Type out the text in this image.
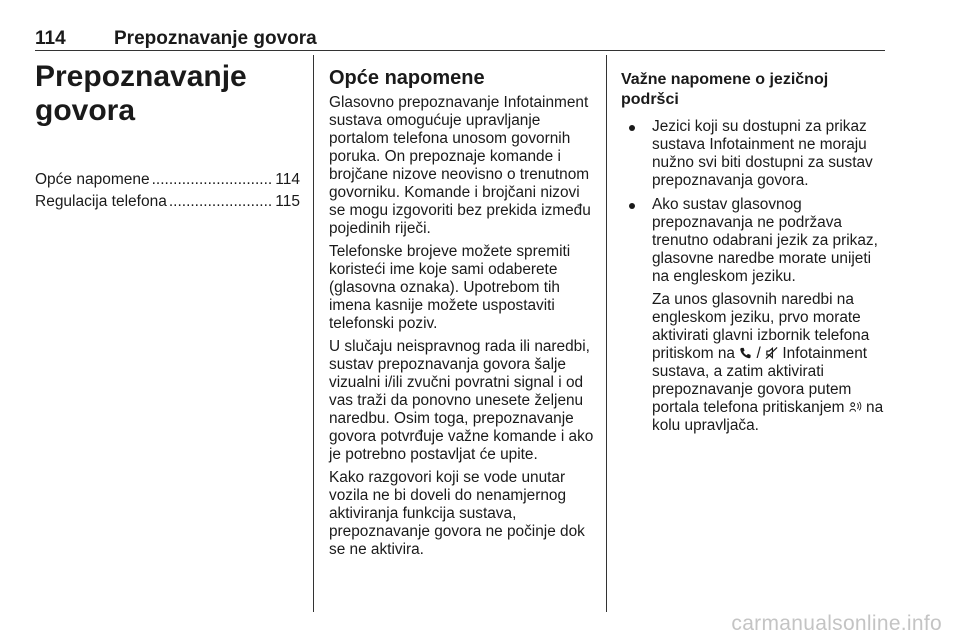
114	Prepoznavanje govora
Prepoznavanje govora
Opće napomene .....	114
Regulacija telefona .....	115
Opće napomene

Glasovno prepoznavanje Infotainment sustava omogućuje upravljanje portalom telefona unosom govornih poruka. On prepoznaje komande i brojčane nizove neovisno o trenutnom govorniku. Komande i brojčani nizovi se mogu izgovoriti bez prekida između pojedinih riječi.

Telefonske brojeve možete spremiti koristeći ime koje sami odaberete (glasovna oznaka). Upotrebom tih imena kasnije možete uspostaviti telefonski poziv.

U slučaju neispravnog rada ili naredbi, sustav prepoznavanja govora šalje vizualni i/ili zvučni povratni signal i od vas traži da ponovno unesete željenu naredbu. Osim toga, prepoznavanje govora potvrđuje važne komande i ako je potrebno postavljat će upite.

Kako razgovori koji se vode unutar vozila ne bi doveli do nenamjernog aktiviranja funkcija sustava, prepoznavanje govora ne počinje dok se ne aktivira.

Važne napomene o jezičnoj podršci

Jezici koji su dostupni za prikaz sustava Infotainment ne moraju nužno svi biti dostupni za sustav prepoznavanja govora.

Ako sustav glasovnog prepoznavanja ne podržava trenutno odabrani jezik za prikaz, glasovne naredbe morate unijeti na engleskom jeziku.

Za unos glasovnih naredbi na engleskom jeziku, prvo morate aktivirati glavni izbornik telefona pritiskom na  /  Infotainment sustava, a zatim aktivirati prepoznavanje govora putem portala telefona pritiskanjem  na kolu upravljača.

carmanualsonline.info
